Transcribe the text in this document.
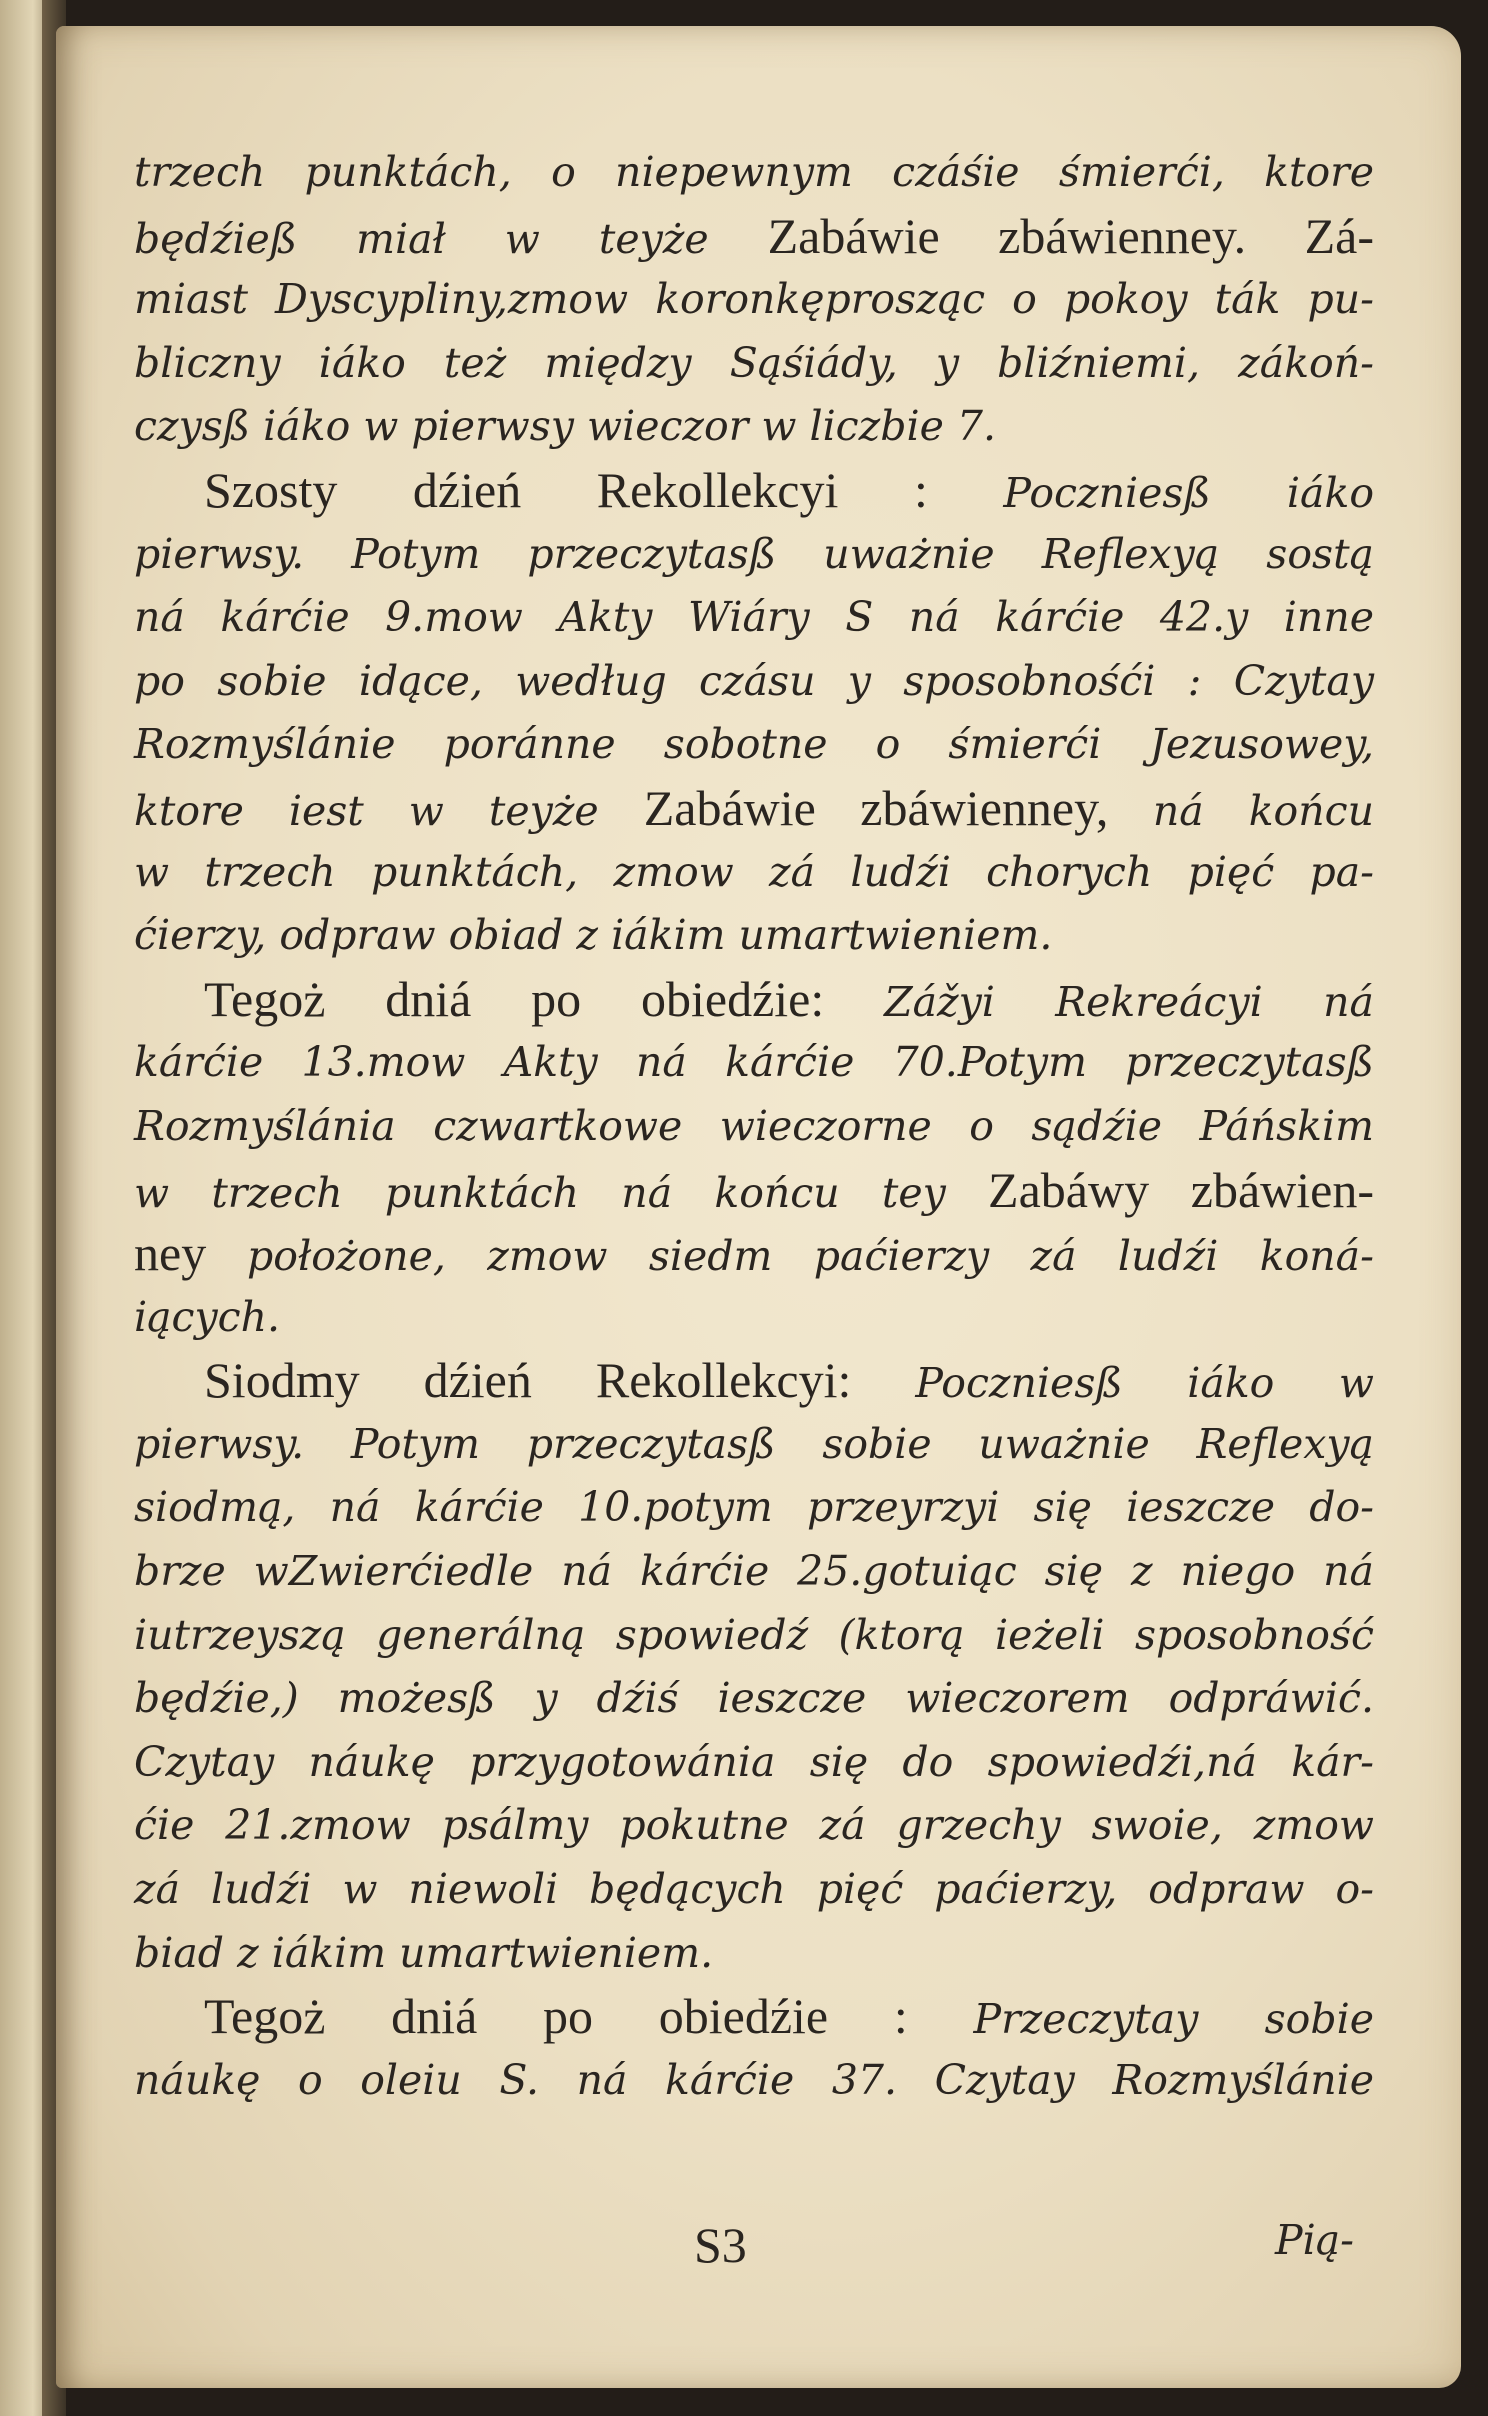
trzech punktách, o niepewnym czáśie śmierći, ktore
będźieß miał w teyże Zabáwie zbáwienney. Zá-
miast Dyscypliny,zmow koronkęprosząc o pokoy ták pu-
bliczny iáko też między Sąśiády, y bliźniemi, zákoń-
czysß iáko w pierwsy wieczor w liczbie 7.
Szosty dźień Rekollekcyi : Poczniesß iáko
pierwsy. Potym przeczytasß uważnie Reflexyą sostą
ná kárćie 9.mow Akty Wiáry S ná kárćie 42.y inne
po sobie idące, według czásu y sposobnośći : Czytay
Rozmyślánie poránne sobotne o śmierći Jezusowey,
ktore iest w teyże Zabáwie zbáwienney, ná końcu
w trzech punktách, zmow zá ludźi chorych pięć pa-
ćierzy, odpraw obiad z iákim umartwieniem.
Tegoż dniá po obiedźie: Zážyi Rekreácyi ná
kárćie 13.mow Akty ná kárćie 70.Potym przeczytasß
Rozmyślánia czwartkowe wieczorne o sądźie Páńskim
w trzech punktách ná końcu tey Zabáwy zbáwien-
ney położone, zmow siedm paćierzy zá ludźi koná-
iących.
Siodmy dźień Rekollekcyi: Poczniesß iáko w
pierwsy. Potym przeczytasß sobie uważnie Reflexyą
siodmą, ná kárćie 10.potym przeyrzyi się ieszcze do-
brze wZwierćiedle ná kárćie 25.gotuiąc się z niego ná
iutrzeyszą generálną spowiedź (ktorą ieżeli sposobność
będźie,) możesß y dźiś ieszcze wieczorem odpráwić.
Czytay náukę przygotowánia się do spowiedźi,ná kár-
ćie 21.zmow psálmy pokutne zá grzechy swoie, zmow
zá ludźi w niewoli będących pięć paćierzy, odpraw o-
biad z iákim umartwieniem.
Tegoż dniá po obiedźie : Przeczytay sobie
náukę o oleiu S. ná kárćie 37. Czytay Rozmyślánie
S3	Pią-
